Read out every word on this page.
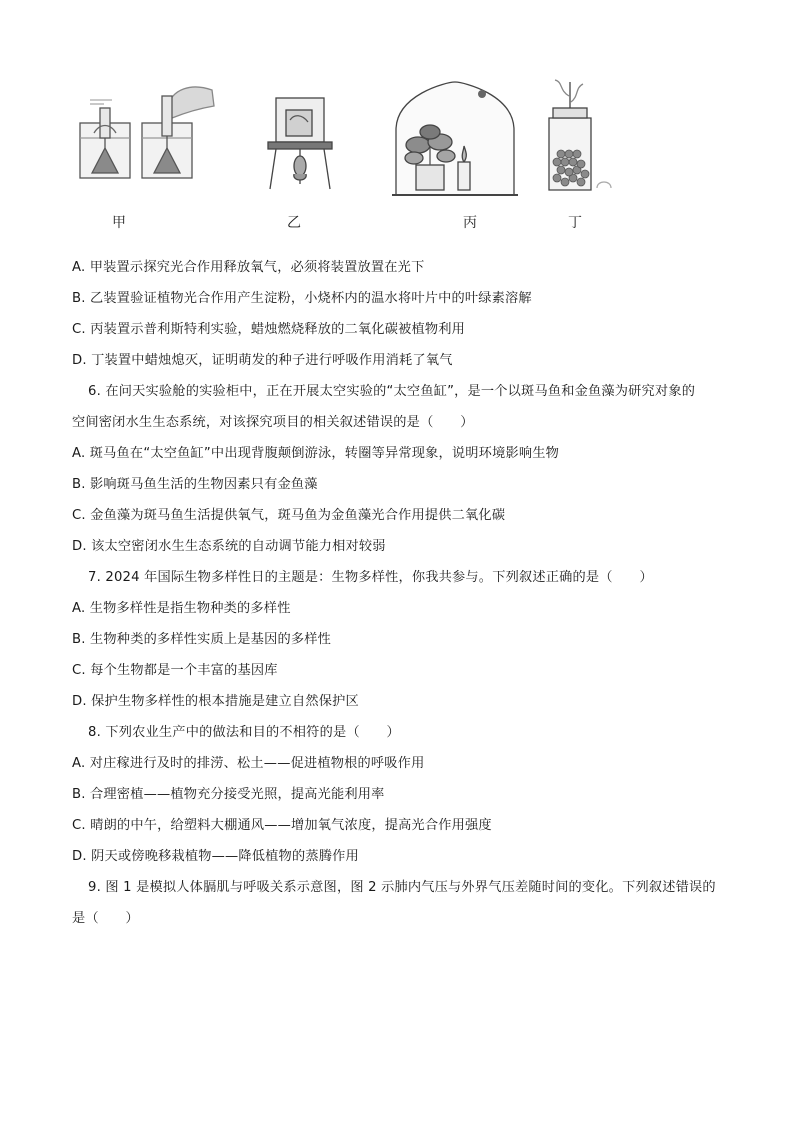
甲	乙	丙	丁
A. 甲装置示探究光合作用释放氧气，必须将装置放置在光下
B. 乙装置验证植物光合作用产生淀粉，小烧杯内的温水将叶片中的叶绿素溶解
C. 丙装置示普利斯特利实验，蜡烛燃烧释放的二氧化碳被植物利用
D. 丁装置中蜡烛熄灭，证明萌发的种子进行呼吸作用消耗了氧气
6. 在问天实验舱的实验柜中，正在开展太空实验的“太空鱼缸”，是一个以斑马鱼和金鱼藻为研究对象的
空间密闭水生生态系统，对该探究项目的相关叙述错误的是（　　）
A. 斑马鱼在“太空鱼缸”中出现背腹颠倒游泳，转圈等异常现象，说明环境影响生物
B. 影响斑马鱼生活的生物因素只有金鱼藻
C. 金鱼藻为斑马鱼生活提供氧气，斑马鱼为金鱼藻光合作用提供二氧化碳
D. 该太空密闭水生生态系统的自动调节能力相对较弱
7. 2024 年国际生物多样性日的主题是：生物多样性，你我共参与。下列叙述正确的是（　　）
A. 生物多样性是指生物种类的多样性
B. 生物种类的多样性实质上是基因的多样性
C. 每个生物都是一个丰富的基因库
D. 保护生物多样性的根本措施是建立自然保护区
8. 下列农业生产中的做法和目的不相符的是（　　）
A. 对庄稼进行及时的排涝、松土——促进植物根的呼吸作用
B. 合理密植——植物充分接受光照，提高光能利用率
C. 晴朗的中午，给塑料大棚通风——增加氧气浓度，提高光合作用强度
D. 阴天或傍晚移栽植物——降低植物的蒸腾作用
9. 图 1 是模拟人体膈肌与呼吸关系示意图，图 2 示肺内气压与外界气压差随时间的变化。下列叙述错误的
是（　　）
